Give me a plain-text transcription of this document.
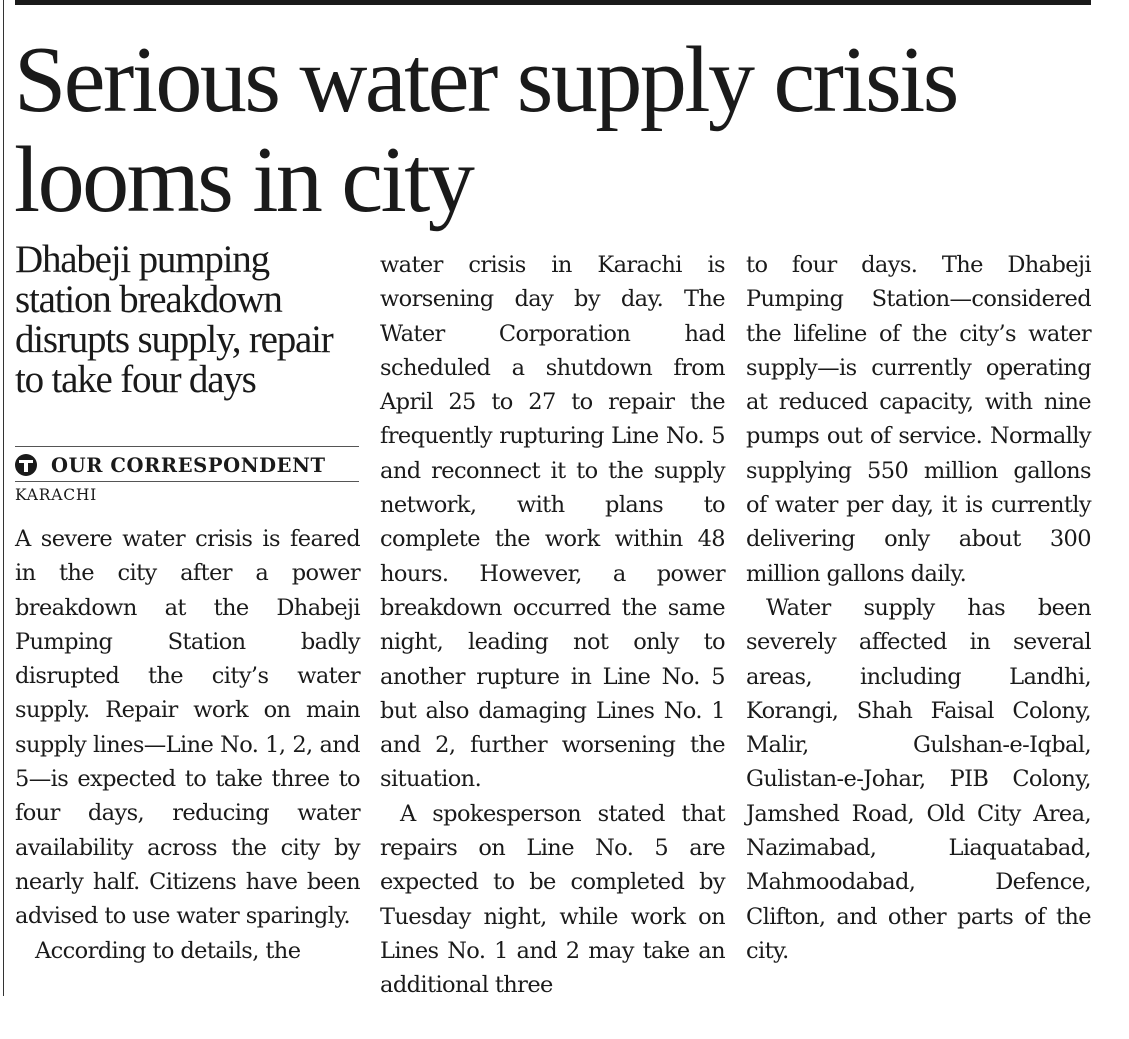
Serious water supply crisis looms in city
Dhabeji pumping station breakdown disrupts supply, repair to take four days
OUR CORRESPONDENT
KARACHI

A severe water crisis is feared in the city after a power breakdown at the Dhabeji Pumping Station badly disrupted the city’s water supply. Repair work on main supply lines—Line No. 1, 2, and 5—is expected to take three to four days, reducing water availability across the city by nearly half. Citizens have been advised to use water sparingly.

According to details, the

water crisis in Karachi is worsening day by day. The Water Corporation had scheduled a shutdown from April 25 to 27 to repair the frequently rupturing Line No. 5 and reconnect it to the supply network, with plans to complete the work within 48 hours. However, a power breakdown occurred the same night, leading not only to another rupture in Line No. 5 but also damaging Lines No. 1 and 2, further worsening the situation.

A spokesperson stated that repairs on Line No. 5 are expected to be completed by Tuesday night, while work on Lines No. 1 and 2 may take an additional three

to four days. The Dhabeji Pumping Station—considered the lifeline of the city’s water supply—is currently operating at reduced capacity, with nine pumps out of service. Normally supplying 550 million gallons of water per day, it is currently delivering only about 300 million gallons daily.

Water supply has been severely affected in several areas, including Landhi, Korangi, Shah Faisal Colony, Malir, Gulshan-e-Iqbal, Gulistan-e-Johar, PIB Colony, Jamshed Road, Old City Area, Nazimabad, Liaquatabad, Mahmoodabad, Defence, Clifton, and other parts of the city.
